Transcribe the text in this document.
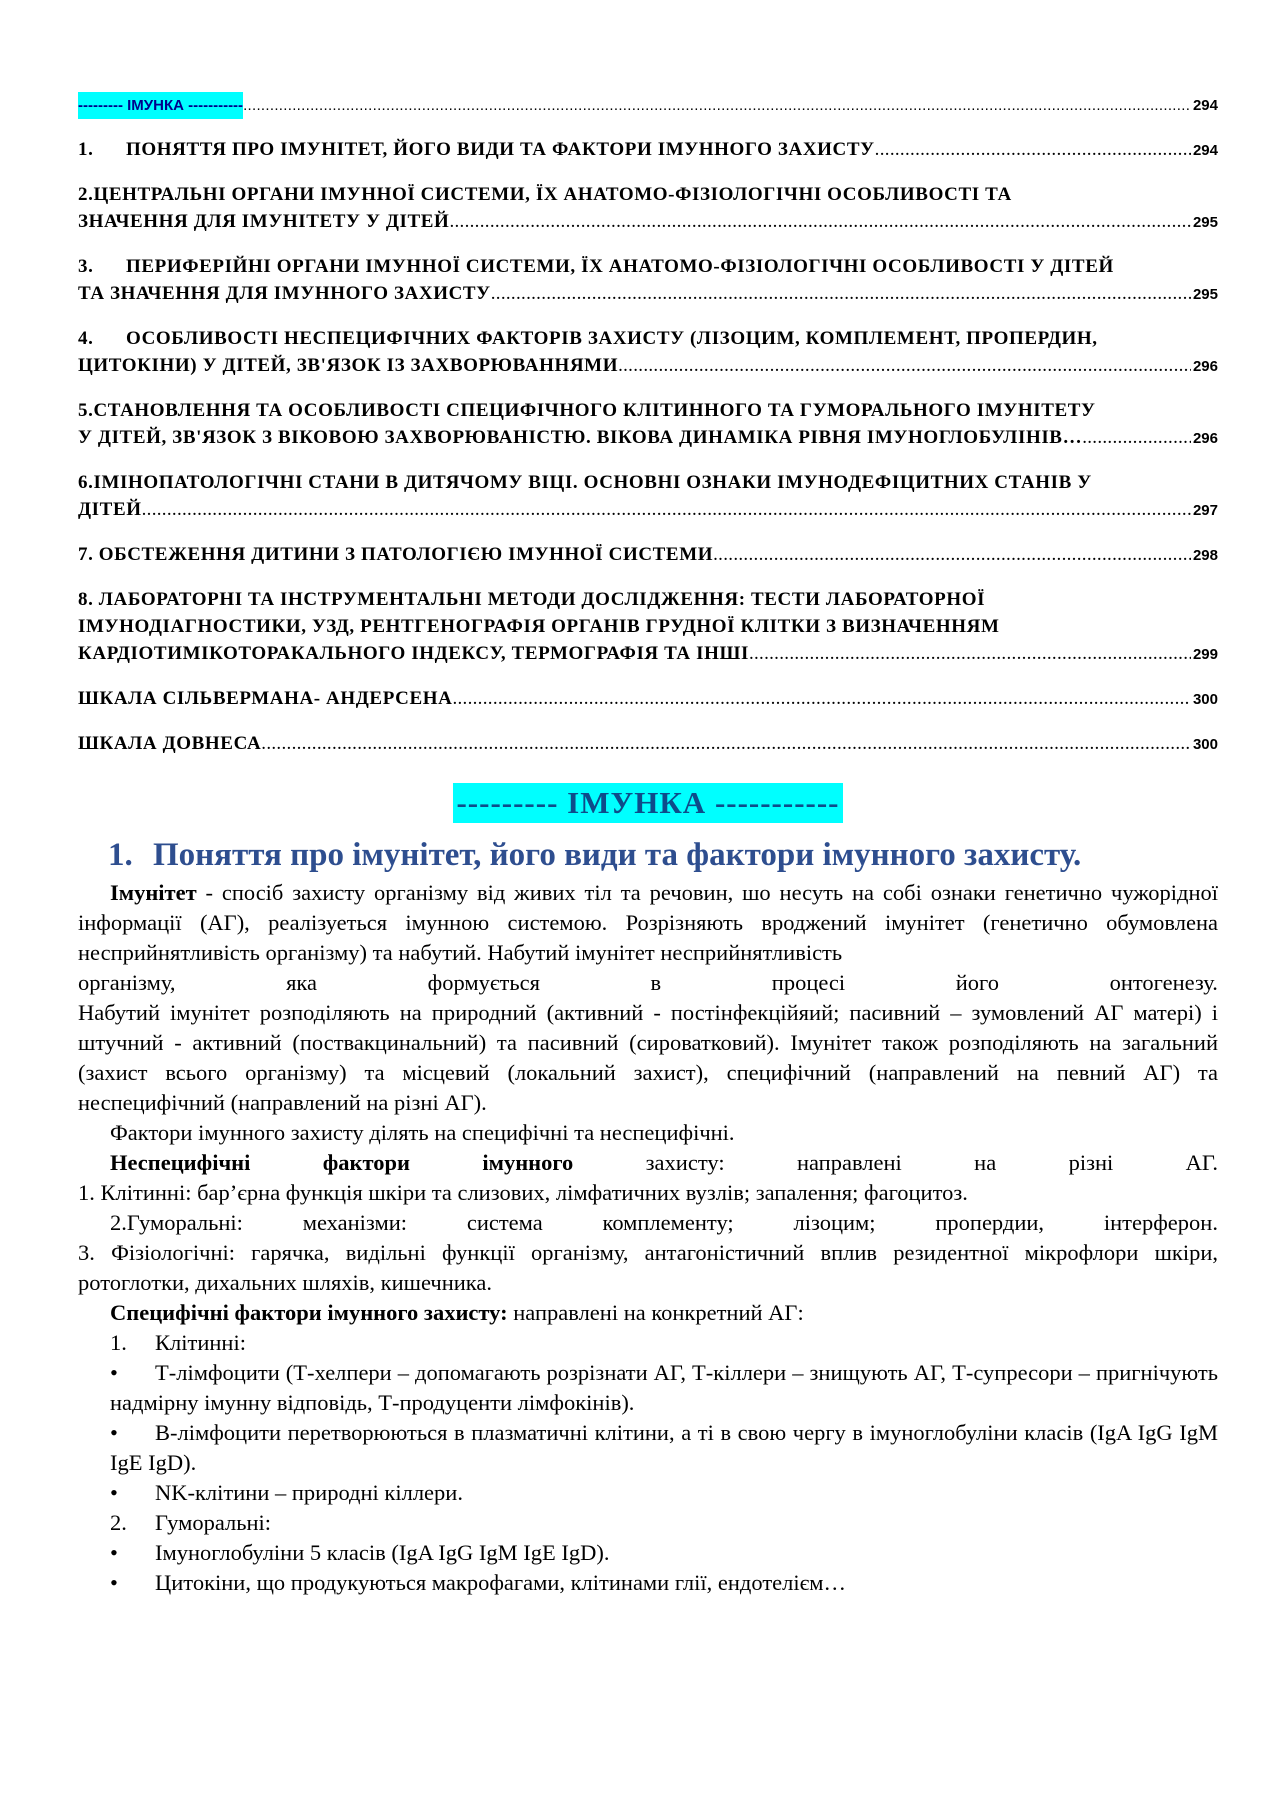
--------- ІМУНКА ----------- .....	294
1.	ПОНЯТТЯ ПРО ІМУНІТЕТ, ЙОГО ВИДИ ТА ФАКТОРИ ІМУННОГО ЗАХИСТУ .....	294
2.ЦЕНТРАЛЬНІ ОРГАНИ ІМУННОЇ СИСТЕМИ, ЇХ АНАТОМО-ФІЗІОЛОГІЧНІ ОСОБЛИВОСТІ ТА
ЗНАЧЕННЯ ДЛЯ ІМУНІТЕТУ У ДІТЕЙ .....	295
3.	ПЕРИФЕРІЙНІ ОРГАНИ ІМУННОЇ СИСТЕМИ, ЇХ АНАТОМО-ФІЗІОЛОГІЧНІ ОСОБЛИВОСТІ У ДІТЕЙ
ТА ЗНАЧЕННЯ ДЛЯ ІМУННОГО ЗАХИСТУ .....	295
4.	ОСОБЛИВОСТІ НЕСПЕЦИФІЧНИХ ФАКТОРІВ ЗАХИСТУ (ЛІЗОЦИМ, КОМПЛЕМЕНТ, ПРОПЕРДИН,
ЦИТОКІНИ) У ДІТЕЙ, ЗВ'ЯЗОК ІЗ ЗАХВОРЮВАННЯМИ .....	296
5.СТАНОВЛЕННЯ ТА ОСОБЛИВОСТІ СПЕЦИФІЧНОГО КЛІТИННОГО ТА ГУМОРАЛЬНОГО ІМУНІТЕТУ
У ДІТЕЙ, ЗВ'ЯЗОК З ВІКОВОЮ ЗАХВОРЮВАНІСТЮ. ВІКОВА ДИНАМІКА РІВНЯ ІМУНОГЛОБУЛІНІВ… .....	296
6.ІМІНОПАТОЛОГІЧНІ СТАНИ В ДИТЯЧОМУ ВІЦІ. ОСНОВНІ ОЗНАКИ ІМУНОДЕФІЦИТНИХ СТАНІВ У
ДІТЕЙ .....	297
7. ОБСТЕЖЕННЯ ДИТИНИ З ПАТОЛОГІЄЮ ІМУННОЇ СИСТЕМИ .....	298
8. ЛАБОРАТОРНІ ТА ІНСТРУМЕНТАЛЬНІ МЕТОДИ ДОСЛІДЖЕННЯ: ТЕСТИ ЛАБОРАТОРНОЇ
ІМУНОДІАГНОСТИКИ, УЗД, РЕНТГЕНОГРАФІЯ ОРГАНІВ ГРУДНОЇ КЛІТКИ З ВИЗНАЧЕННЯМ
КАРДІОТИМІКОТОРАКАЛЬНОГО ІНДЕКСУ, ТЕРМОГРАФІЯ ТА ІНШІ .....	299
ШКАЛА СІЛЬВЕРМАНА- АНДЕРСЕНА .....	300
ШКАЛА ДОВНЕСА .....	300
--------- ІМУНКА -----------
1. Поняття про імунітет, його види та фактори імунного захисту.

Імунітет - спосіб захисту організму від живих тіл та речовин, шо несуть на собі ознаки генетично чужорідної інформації (АГ), реалізуеться імунною системою. Розрізняють вроджений імунітет (генетично обумовлена несприйнятливість організму) та набутий. Набутий імунітет несприйнятливість

організму,	яка	формується	в	процесі	його	онтогенезу.

Набутий імунітет розподіляють на природний (активний - постінфекційяий; пасивний – зумовлений АГ матері) і штучний - активний (поствакцинальний) та пасивний (сироватковий). Імунітет також розподіляють на загальний (захист всього організму) та місцевий (локальний захист), специфічний (направлений на певний АГ) та неспецифічний (направлений на різні АГ).

Фактори імунного захисту ділять на специфічні та неспецифічні.

Неспецифічні	фактори	імунного	захисту:	направлені	на	різні	АГ.

1. Клітинні: бар’єрна функція шкіри та слизових, лімфатичних вузлів; запалення; фагоцитоз.

2.Гуморальні:	механізми:	система	комплементу;	лізоцим;	пропердии,	інтерферон.

3. Фізіологічні: гарячка, видільні функції організму, антагоністичний вплив резидентної мікрофлори шкіри, ротоглотки, дихальних шляхів, кишечника.

Специфічні фактори імунного захисту: направлені на конкретний АГ:

1.	Клітинні:
• Т-лімфоцити (Т-хелпери – допомагають розрізнати АГ, Т-кіллери – знищують АГ, Т-супресори – пригнічують надмірну імунну відповідь, Т-продуценти лімфокінів).
• В-лімфоцити перетворюються в плазматичні клітини, а ті в свою чергу в імуноглобуліни класів (IgA IgG IgM IgE IgD).
• NK-клітини – природні кіллери.
2.	Гуморальні:
• Імуноглобуліни 5 класів (IgA IgG IgM IgE IgD).
• Цитокіни, що продукуються макрофагами, клітинами глії, ендотелієм…
